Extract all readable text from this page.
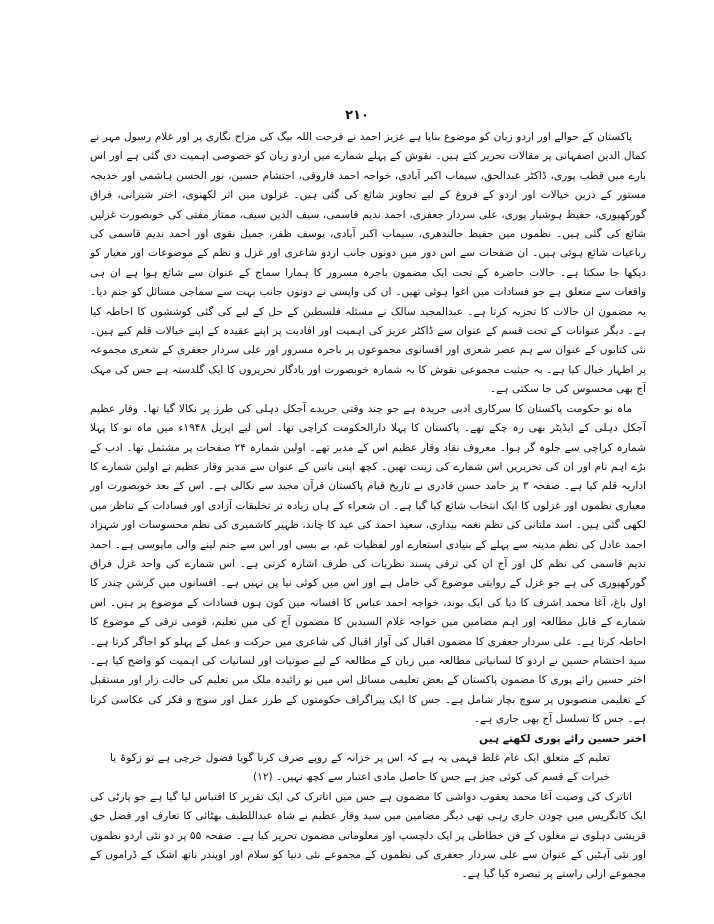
۲۱۰

پاکستان کے حوالے اور اردو زبان کو موضوع بنایا ہے عزیز احمد نے فرحت اللہ بیگ کی مزاح نگاری پر اور غلام رسول مہر نے کمال الدین اصفہانی پر مقالات تحریر کئے ہیں۔ نقوش کے پہلے شمارے میں اردو زبان کو خصوصی اہمیت دی گئی ہے اور اس بارے میں قطب پوری، ڈاکٹر عبدالحق، سیماب اکبر آبادی، خواجہ احمد فاروقی، احتشام حسین، نور الحسن ہاشمی اور خدیجہ مستور کے ذریں خیالات اور اردو کے فروغ کے لیے تجاویز شائع کی گئی ہیں۔ غزلوں میں اثر لکھنوی، اختر شیرانی، فراق گورکھپوری، حفیظ ہوشیار پوری، علی سردار جعفری، احمد ندیم قاسمی، سیف الدین سیف، ممتاز مفتی کی خوبصورت غزلیں شائع کی گئی ہیں۔ نظموں میں حفیظ جالندھری، سیماب اکبر آبادی، یوسف ظفر، جمیل نقوی اور احمد ندیم قاسمی کی رباعیات شائع ہوئی ہیں۔ ان صفحات سے اس دور میں دونوں جانب اردو شاعری اور غزل و نظم کے موضوعات اور معیار کو دیکھا جا سکتا ہے۔ حالات حاضرہ کے تحت ایک مضمون باجرہ مسرور کا ہمارا سماج کے عنوان سے شائع ہوا ہے ان ہی واقعات سے متعلق ہے جو فسادات میں اغوا ہوئی تھیں۔ ان کی واپسی نے دونوں جانب بہت سے سماجی مسائل کو جنم دیا۔ یہ مضمون ان حالات کا تجزیہ کرتا ہے۔ عبدالمجید سالک نے مسئلہ فلسطین کے حل کے لیے کی گئی کوششوں کا احاطہ کیا ہے۔ دیگر عنوانات کے تحت قسم کے عنوان سے ڈاکٹر عزیز کی اہمیت اور افادیت پر اپنے عقیدہ کے اپنے خیالات قلم کیے ہیں۔ نئی کتابوں کے عنوان سے ہم عصر شعری اور افسانوی مجموعوں پر باجرہ مسرور اور علی سردار جعفری کے شعری مجموعہ پر اظہار خیال کیا ہے۔ بہ حیثیت مجموعی نقوش کا یہ شمارہ خوبصورت اور یادگار تحریروں کا ایک گلدستہ ہے جس کی مہک آج بھی محسوس کی جا سکتی ہے۔

ماہ نو حکومت پاکستان کا سرکاری ادبی جریدہ ہے جو چند وقتی جریدے آجکل دہلی کی طرز پر نکالا گیا تھا۔ وقار عظیم آجکل دہلی کے ایڈیٹر بھی رہ چکے تھے۔ پاکستان کا پہلا دارالحکومت کراچی تھا۔ اس لیے اپریل ۱۹۴۸ء میں ماہ نو کا پہلا شمارہ کراچی سے جلوہ گر ہوا۔ معروف نقاد وقار عظیم اس کے مدیر تھے۔ اولین شمارہ ۲۴ صفحات پر مشتمل تھا۔ ادب کے بڑے اہم نام اور ان کی تحریریں اس شمارے کی زینت تھیں۔ کچھ اپنی باتیں کے عنوان سے مدیر وقار عظیم نے اولین شمارے کا اداریہ قلم کیا ہے۔ صفحہ ۳ پر حامد حسن قادری نے تاریخ قیام پاکستان قرآن مجید سے نکالی ہے۔ اس کے بعد خوبصورت اور معیاری نظموں اور غزلوں کا ایک انتخاب شائع کیا گیا ہے۔ ان شعراء کے ہاں زیادہ تر تخلیقات آزادی اور فسادات کے تناظر میں لکھی گئی ہیں۔ اسد ملتانی کی نظم نغمہ بیداری، سعید احمد کی عید کا چاند، ظہیر کاشمیری کی نظم محسوسات اور شہزاد احمد عادل کی نظم مدینہ سے پہلے کے بنیادی استعارے اور لفظیات غم، بے بسی اور اس سے جنم لینے والی مایوسی ہے۔ احمد ندیم قاسمی کی نظم کل اور آج ان کی ترقی پسند نظریات کی طرف اشارہ کرتی ہے۔ اس شمارے کی واحد غزل فراق گورکھپوری کی ہے جو غزل کے روایتی موضوع کی حامل ہے اور اس میں کوئی نیا پن نہیں ہے۔ افسانوں میں کرشن چندر کا اول باغ، آغا محمد اشرف کا دیا کی ایک بوند، خواجہ احمد عباس کا افسانہ میں کون ہوں فسادات کے موضوع پر ہیں۔ اس شمارے کے قابل مطالعہ اور اہم مضامین میں خواجہ غلام السیدین کا مضمون آج کی میں تعلیم، قومی ترقی کے موضوع کا احاطہ کرتا ہے۔ علی سردار جعفری کا مضمون اقبال کی آواز اقبال کی شاعری میں حرکت و عمل کے پہلو کو اجاگر کرتا ہے۔ سید احتشام حسین نے اردو کا لسانیاتی مطالعہ میں زبان کے مطالعہ کے لیے صوتیات اور لسانیات کی اہمیت کو واضح کیا ہے۔ اختر حسین رائے پوری کا مضمون پاکستان کے بعض تعلیمی مسائل اس میں نو زائیدہ ملک میں تعلیم کی حالت زار اور مستقبل کے تعلیمی منصوبوں پر سوچ بچار شامل ہے۔ جس کا ایک پیراگراف حکومتوں کے طرز عمل اور سوچ و فکر کی عکاسی کرتا ہے۔ جس کا تسلسل آج بھی جاری ہے۔

اختر حسین رائے پوری لکھتے ہیں

تعلیم کے متعلق ایک عام غلط فہمی یہ ہے کہ اس پر خزانہ کے روپے صرف کرنا گویا فضول خرچی ہے تو زکوۃ یا خیرات کے قسم کی کوئی چیز ہے جس کا حاصل مادی اعتبار سے کچھ نہیں۔ (۱۲)

اتاترک کی وصیت آغا محمد یعقوب دواشی کا مضمون ہے جس میں اتاترک کی ایک تقریر کا اقتباس لیا گیا ہے جو پارٹی کی ایک کانگریس میں چودن جاری رہی تھی دیگر مضامین میں سید وقار عظیم نے شاہ عبداللطیف بھٹائی کا تعارف اور فضل حق قریشی دہلوی نے مغلوں کے فن خطاطی پر ایک دلچسپ اور معلوماتی مضمون تحریر کیا ہے۔ صفحہ ۵۵ پر دو نئی اردو نظموں اور نئی آہٹیں کے عنوان سے علی سردار جعفری کی نظموں کے مجموعے نئی دنیا کو سلام اور اوپندر ناتھ اشک کے ڈراموں کے مجموعے ازلی راستے پر تبصرہ کیا گیا ہے۔
